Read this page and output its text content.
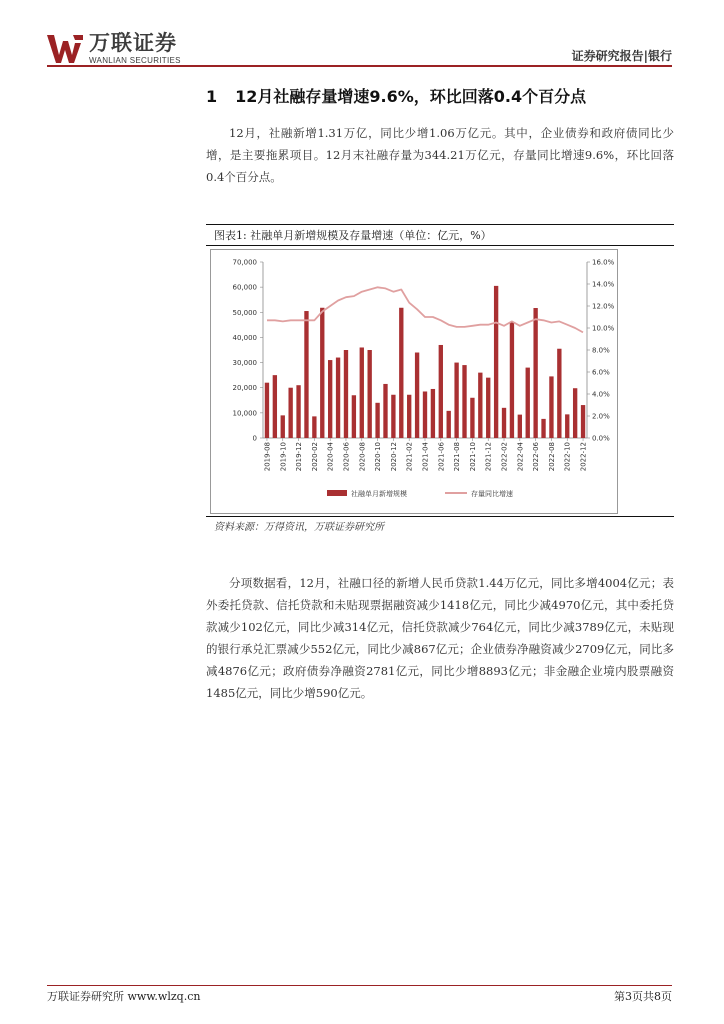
万联证券
WANLIAN SECURITIES	证券研究报告|银行
1 12月社融存量增速9.6%，环比回落0.4个百分点

12月，社融新增1.31万亿，同比少增1.06万亿元。其中，企业债券和政府债同比少增，是主要拖累项目。12月末社融存量为344.21万亿元，存量同比增速9.6%，环比回落0.4个百分点。

图表1: 社融单月新增规模及存量增速（单位：亿元，%）
0
10,000
20,000
30,000
40,000
50,000
60,000
70,000
0.0%
2.0%
4.0%
6.0%
8.0%
10.0%
12.0%
14.0%
16.0%
2019-08 2019-10 2019-12 2020-02 2020-04 2020-06 2020-08 2020-10 2020-12 2021-02 2021-04 2021-06 2021-08 2021-10 2021-12 2022-02 2022-04 2022-06 2022-08 2022-10 2022-12
社融单月新增规模	存量同比增速
资料来源：万得资讯，万联证券研究所

分项数据看，12月，社融口径的新增人民币贷款1.44万亿元，同比多增4004亿元；表外委托贷款、信托贷款和未贴现票据融资减少1418亿元，同比少减4970亿元，其中委托贷款减少102亿元，同比少减314亿元，信托贷款减少764亿元，同比少减3789亿元，未贴现的银行承兑汇票减少552亿元，同比少减867亿元；企业债券净融资减少2709亿元，同比多减4876亿元；政府债券净融资2781亿元，同比少增8893亿元；非金融企业境内股票融资1485亿元，同比少增590亿元。

万联证券研究所 www.wlzq.cn	第3页共8页
